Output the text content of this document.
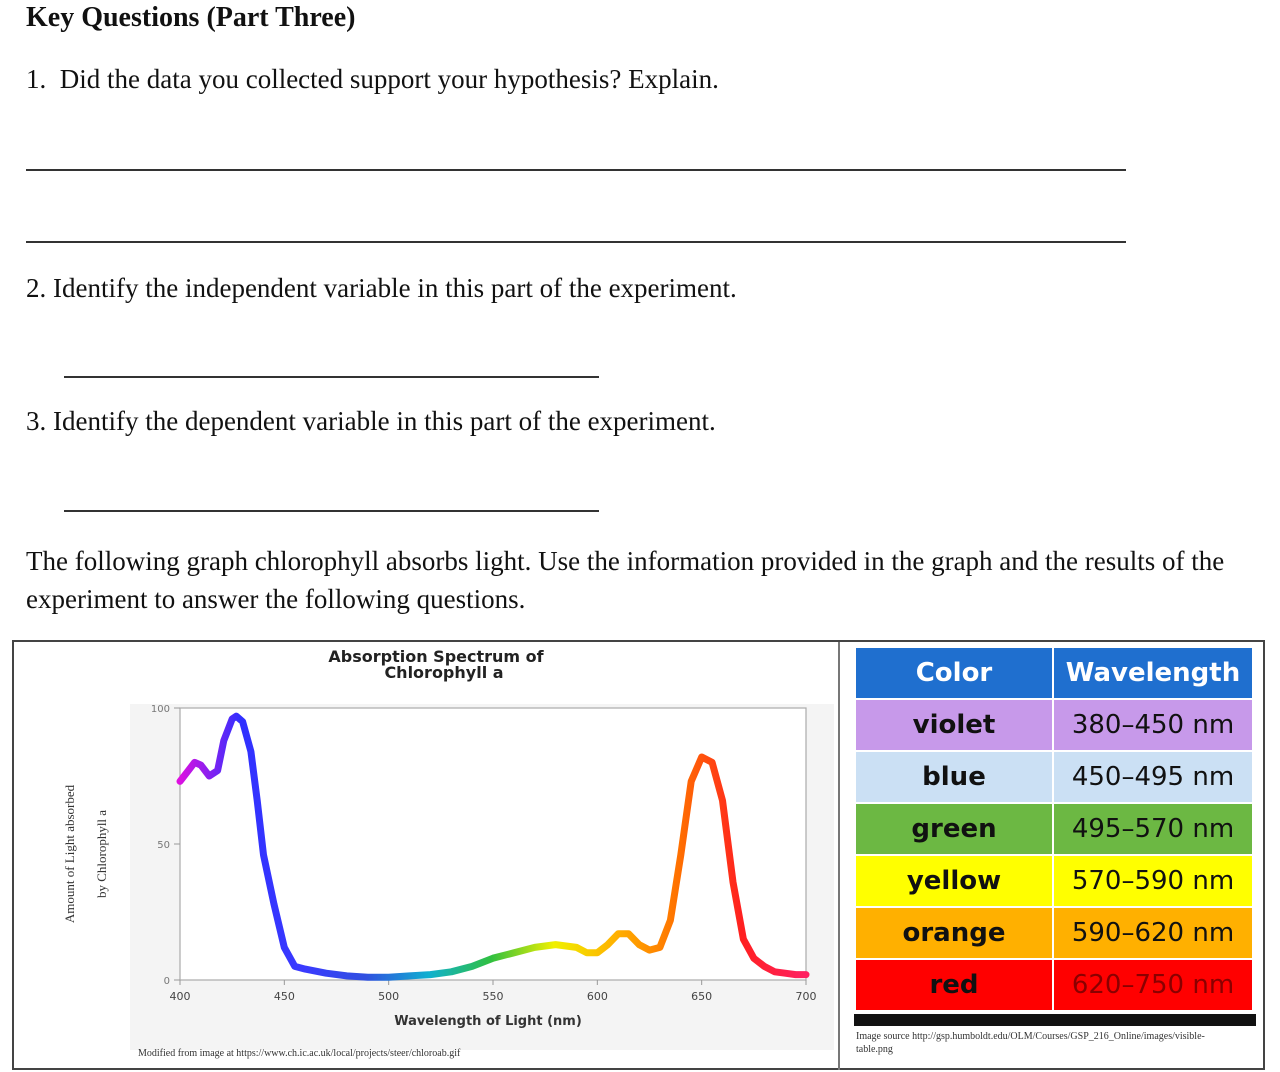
Key Questions (Part Three)
1. Did the data you collected support your hypothesis? Explain.
2. Identify the independent variable in this part of the experiment.
3. Identify the dependent variable in this part of the experiment.
The following graph chlorophyll absorbs light. Use the information provided in the graph and the results of the experiment to answer the following questions.
Absorption Spectrum of
Chlorophyll a
400	450	500	550	600	650	700
0
50
100
Wavelength of Light (nm)
Amount of Light absorbed by Chlorophyll a
Modified from image at https://www.ch.ic.ac.uk/local/projects/steer/chloroab.gif
Color	Wavelength
violet	380–450 nm
blue	450–495 nm
green	495–570 nm
yellow	570–590 nm
orange	590–620 nm
red	620–750 nm
Image source http://gsp.humboldt.edu/OLM/Courses/GSP_216_Online/images/visible-table.png
